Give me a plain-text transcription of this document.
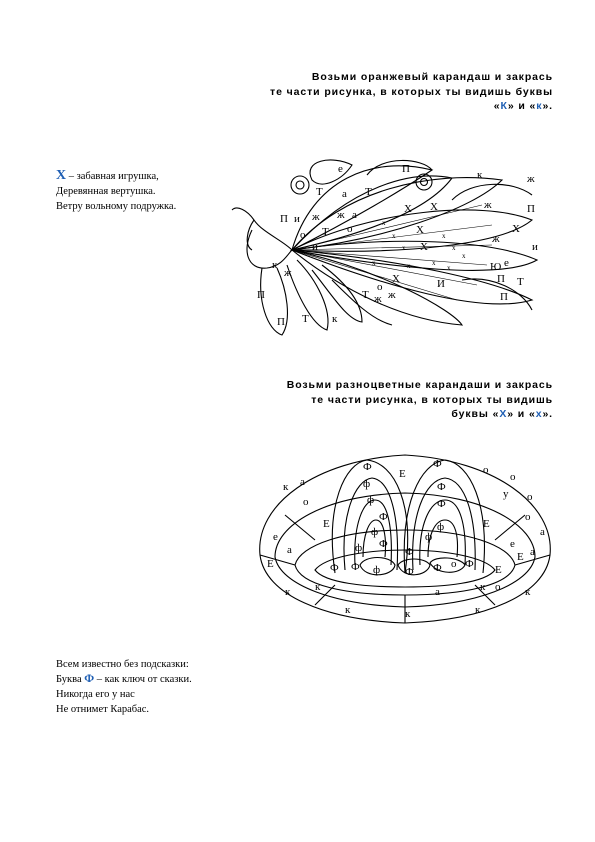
Возьми оранжевый карандаш и закрась
те части рисунка, в которых ты видишь буквы
«К» и «к».
Х – забавная игрушка,
Деревянная вертушка.
Ветру вольному подружка.
е	П
Т а Т
к	ж
П и ж ж а	Х Х	ж	П
Т о	Х	Х
о
и	Х
ж
и
к
ж	Ю е
П Т
Т
о
ж ж
Х	И
П
П
П Т к
х
х
х
х
х
х
х
х
х
х
Возьми разноцветные карандаши и закрась
те части рисунка, в которых ты видишь
буквы «Х» и «х».
Ф
Е
Ф
к а
о
о
о
о
ф	Ф
у
о
Е
ф
Ф
Ф
ф	Е
а
ф
Ф
ф
е
Е
Е а
ф
Ф	ф Ф
о	Е
Ф
Ф
Ф
Ф
о
а
к
к	к	к
к
к	к
е	а
Всем известно без подсказки:
Буква Ф – как ключ от сказки.
Никогда его у нас
Не отнимет Карабас.
